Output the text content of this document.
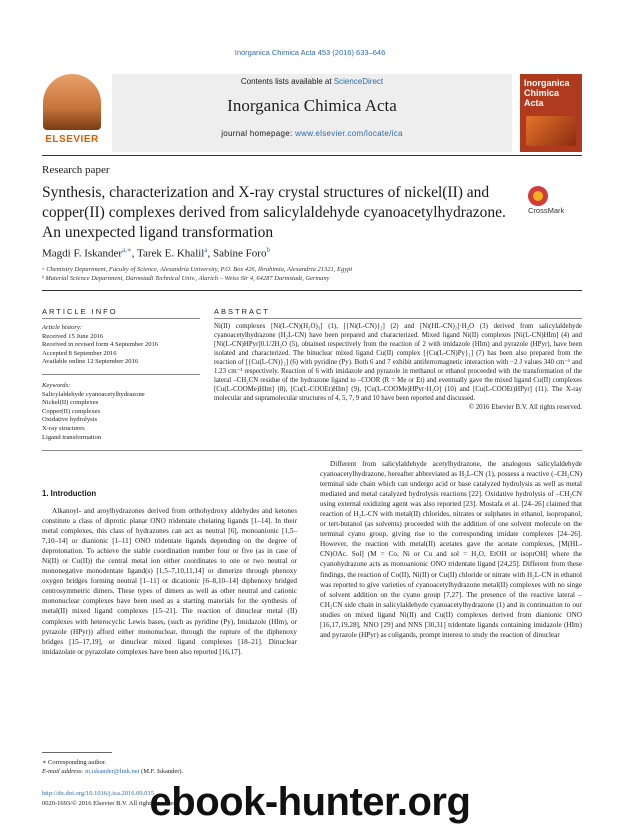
Inorganica Chimica Acta 453 (2016) 633–646
ELSEVIER
Contents lists available at ScienceDirect
Inorganica Chimica Acta
journal homepage: www.elsevier.com/locate/ica
Inorganica Chimica Acta
Research paper
Synthesis, characterization and X-ray crystal structures of nickel(II) and copper(II) complexes derived from salicylaldehyde cyanoacetylhydrazone. An unexpected ligand transformation
CrossMark
Magdi F. Iskander$^{a,∗}$, Tarek E. Khalil$^a$, Sabine Foro$^b$
ᵃ Chemistry Department, Faculty of Science, Alexandria University, P.O. Box 426, Ibrahimia, Alexandria 21321, Egypt
ᵇ Material Science Department, Darmstadt Technical Univ., Alarich – Weiss Str 4, 64287 Darmstadt, Germany
ARTICLE INFO	ABSTRACT
Article history:
Received 15 June 2016
Received in revised form 4 September 2016
Accepted 8 September 2016
Available online 12 September 2016
Keywords:
Salicylaldehyde cyanoacetylhydrazone
Nickel(II) complexes
Copper(II) complexes
Oxidative hydrolysis
X-ray structures
Ligand transformation
Ni(II) complexes [Ni(L-CN)(H₂O)₃] (1), [{Ni(L-CN)}₂] (2) and [Ni(HL-CN)₂]·H₂O (3) derived from salicylaldehyde cyanoacetylhydrazone (H₂L-CN) have been prepared and characterized. Mixed ligand Ni(II) complexes [Ni(L-CN)HIm] (4) and [Ni(L-CN)HPyr]0.1/2H₂O (5), obtained respectively from the reaction of 2 with imidazole (HIm) and pyrazole (HPyr), have been isolated and characterized. The binuclear mixed ligand Cu(II) complex [{Cu(L-CN)Py}₂] (7) has been also prepared from the reaction of [{Cu(L-CN)}₂] (6) with pyridine (Py). Both 6 and 7 exhibit antiferromagnetic interaction with −2 J values 340 cm⁻¹ and 1.23 cm⁻¹ respectively. Reaction of 6 with imidazole and pyrazole in methanol or ethanol proceeded with the transformation of the lateral –CH₂CN residue of the hydrazone ligand to –COOR (R = Me or Et) and eventually gave the mixed ligand Cu(II) complexes [Cu(L-COOMe)HIm] (8), [Cu(L-COOEt)HIm] (9), [Cu(L-COOMe)HPyr·H₂O] (10) and [Cu(L-COOEt)HPyr] (11). The X-ray molecular and supramolecular structures of 4, 5, 7, 9 and 10 have been reported and discussed.
© 2016 Elsevier B.V. All rights reserved.
1. Introduction

Alkanoyl- and aroylhydrazones derived from orthohydroxy aldehydes and ketones constitute a class of diprotic planar ONO tridentate chelating ligands [1–14]. In their metal complexes, this class of hydrazones can act as neutral [6], monoanionic [1,5–7,10–14] or dianionic [1–11] ONO tridentate ligands depending on the degree of deprotonation. To achieve the stable coordination number four or five (as in case of Ni(II) or Cu(II)) the central metal ion either coordinates to one or two neutral or mononegative monodentate ligand(s) [1,5–7,10,11,14] or dimerize through phenoxy oxygen bridges forming neutral [1–11] or dicationic [6–8,10–14] diphenoxy bridged centrosymmetric dimers. These types of dimers as well as other neutral and cationic mononuclear complexes have been used as a starting materials for the synthesis of metal(II) mixed ligand complexes [15–21]. The reaction of dinuclear metal (II) complexes with heterocyclic Lewis bases, (such as pyridine (Py), Imidazole (HIm), or pyrazole (HPyr)) afford either mononuclear, through the rupture of the diphenoxy bridges [15–17,19], or dinuclear mixed ligand complexes [18–21]. Dinuclear imidazolate or pyrazolate complexes have been also reported [16,17].

Different from salicylaldehyde acetylhydrazone, the analogous salicylaldehyde cyanoacetylhydrazone, hereafter abbreviated as H₂L-CN (1), possess a reactive (–CH₂CN) terminal side chain which can undergo acid or base catalyzed hydrolysis as well as metal mediated and metal catalyzed hydrolysis reactions [22]. Oxidative hydrolysis of –CH₂CN using external oxidizing agent was also reported [23]. Mostafa et al. [24–26] claimed that reaction of H₂L-CN with metal(II) chlorides, nitrates or sulphates in ethanol, isopropanol, or tert-butanol (as solvents) proceeded with the addition of one solvent molecule on the terminal cyano group, giving rise to the corresponding imidate complexes [24–26]. However, the reaction with metal(II) acetates gave the acetate complexes, [M(HL-CN)OAc. Sol] (M = Co, Ni or Cu and sol = H₂O, EtOH or isoprOH] where the cyanohydrazone acts as monoanionic ONO tridentate ligand [24,25]. Different from these findings, the reaction of Co(II), Ni(II) or Cu(II) chloride or nitrate with H₂L-CN in ethanol was reported to give varieties of cyanoacetylhydrazone metal(II) complexes with no singe of solvent addition on the cyano group [7,27]. The presence of the reactive lateral –CH₂CN side chain in salicylaldehyde cyanoacetylhydrazone (1) and in continuation to our studies on mixed ligand Ni(II) and Cu(II) complexes derived from dianionic ONO [16,17,19,28], NNO [29] and NNS [30,31] tridentate ligands containing imidazole (HIm) and pyrazole (HPyr) as coligands, prompt interest to study the reaction of dinuclear

∗ Corresponding author.
E-mail address: m.iskander@link.net (M.F. Iskander).
http://dx.doi.org/10.1016/j.ica.2016.09.015
0020-1693/© 2016 Elsevier B.V. All rights reserved.
ebook-hunter.org
